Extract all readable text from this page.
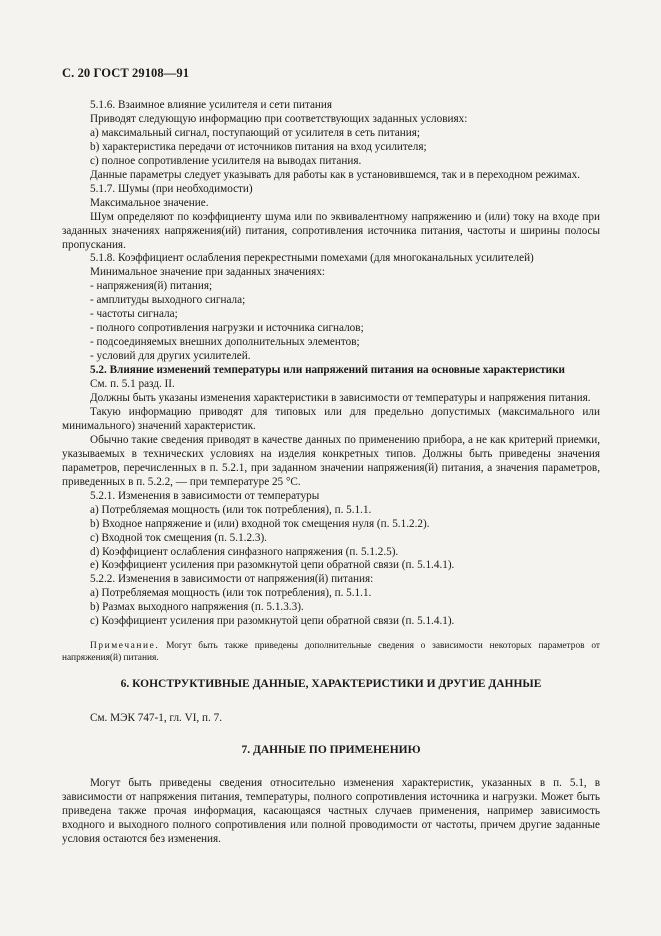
С. 20 ГОСТ 29108—91

5.1.6. Взаимное влияние усилителя и сети питания

Приводят следующую информацию при соответствующих заданных условиях:

а) максимальный сигнал, поступающий от усилителя в сеть питания;

b) характеристика передачи от источников питания на вход усилителя;

с) полное сопротивление усилителя на выводах питания.

Данные параметры следует указывать для работы как в установившемся, так и в переходном режимах.

5.1.7. Шумы (при необходимости)

Максимальное значение.

Шум определяют по коэффициенту шума или по эквивалентному напряжению и (или) току на входе при заданных значениях напряжения(ий) питания, сопротивления источника питания, частоты и ширины полосы пропускания.

5.1.8. Коэффициент ослабления перекрестными помехами (для многоканальных усилителей)

Минимальное значение при заданных значениях:

- напряжения(й) питания;

- амплитуды выходного сигнала;

- частоты сигнала;

- полного сопротивления нагрузки и источника сигналов;

- подсоединяемых внешних дополнительных элементов;

- условий для других усилителей.

5.2. Влияние изменений температуры или напряжений питания на основные характеристики

См. п. 5.1 разд. II.

Должны быть указаны изменения характеристики в зависимости от температуры и напряжения питания.

Такую информацию приводят для типовых или для предельно допустимых (максимального или минимального) значений характеристик.

Обычно такие сведения приводят в качестве данных по применению прибора, а не как критерий приемки, указываемых в технических условиях на изделия конкретных типов. Должны быть приведены значения параметров, перечисленных в п. 5.2.1, при заданном значении напряжения(й) питания, а значения параметров, приведенных в п. 5.2.2, — при температуре 25 °С.

5.2.1. Изменения в зависимости от температуры

a) Потребляемая мощность (или ток потребления), п. 5.1.1.

b) Входное напряжение и (или) входной ток смещения нуля (п. 5.1.2.2).

c) Входной ток смещения (п. 5.1.2.3).

d) Коэффициент ослабления синфазного напряжения (п. 5.1.2.5).

e) Коэффициент усиления при разомкнутой цепи обратной связи (п. 5.1.4.1).

5.2.2. Изменения в зависимости от напряжения(й) питания:

a) Потребляемая мощность (или ток потребления), п. 5.1.1.

b) Размах выходного напряжения (п. 5.1.3.3).

c) Коэффициент усиления при разомкнутой цепи обратной связи (п. 5.1.4.1).

Примечание. Могут быть также приведены дополнительные сведения о зависимости некоторых параметров от напряжения(й) питания.

6. КОНСТРУКТИВНЫЕ ДАННЫЕ, ХАРАКТЕРИСТИКИ И ДРУГИЕ ДАННЫЕ

См. МЭК 747-1, гл. VI, п. 7.

7. ДАННЫЕ ПО ПРИМЕНЕНИЮ

Могут быть приведены сведения относительно изменения характеристик, указанных в п. 5.1, в зависимости от напряжения питания, температуры, полного сопротивления источника и нагрузки. Может быть приведена также прочая информация, касающаяся частных случаев применения, например зависимость входного и выходного полного сопротивления или полной проводимости от частоты, причем другие заданные условия остаются без изменения.
